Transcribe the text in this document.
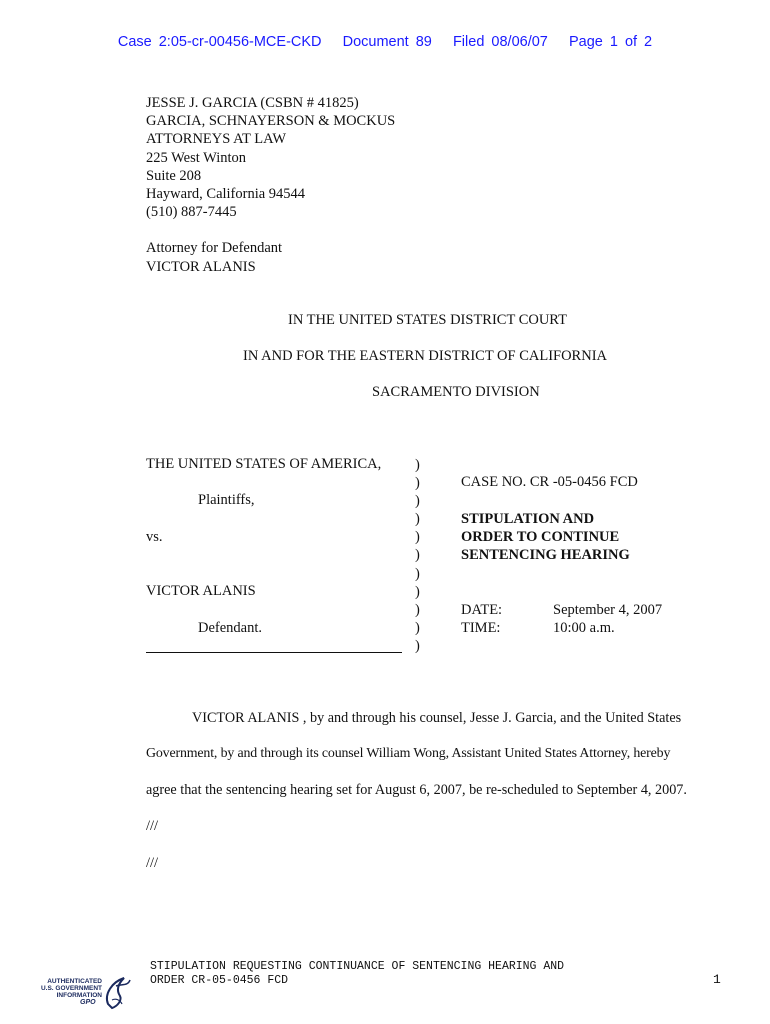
Case 2:05-cr-00456-MCE-CKD Document 89 Filed 08/06/07 Page 1 of 2
JESSE J. GARCIA (CSBN # 41825)
GARCIA, SCHNAYERSON & MOCKUS
ATTORNEYS AT LAW
225 West Winton
Suite 208
Hayward, California 94544
(510) 887-7445
Attorney for Defendant
VICTOR ALANIS
IN THE UNITED STATES DISTRICT COURT
IN AND FOR THE EASTERN DISTRICT OF CALIFORNIA
SACRAMENTO DIVISION
THE UNITED STATES OF AMERICA,
Plaintiffs,
vs.
VICTOR ALANIS
Defendant.
)
)
)
)
)
)
)
)
)
)
)
CASE NO. CR -05-0456 FCD
STIPULATION AND
ORDER TO CONTINUE
SENTENCING HEARING
DATE:	September 4, 2007
TIME:	10:00 a.m.
VICTOR ALANIS , by and through his counsel, Jesse J. Garcia, and the United States
Government, by and through its counsel William Wong, Assistant United States Attorney, hereby
agree that the sentencing hearing set for August 6, 2007, be re-scheduled to September 4, 2007.
///
///
STIPULATION REQUESTING CONTINUANCE OF SENTENCING HEARING AND
ORDER CR-05-0456 FCD	1
AUTHENTICATED
U.S. GOVERNMENT
INFORMATION
GPO
